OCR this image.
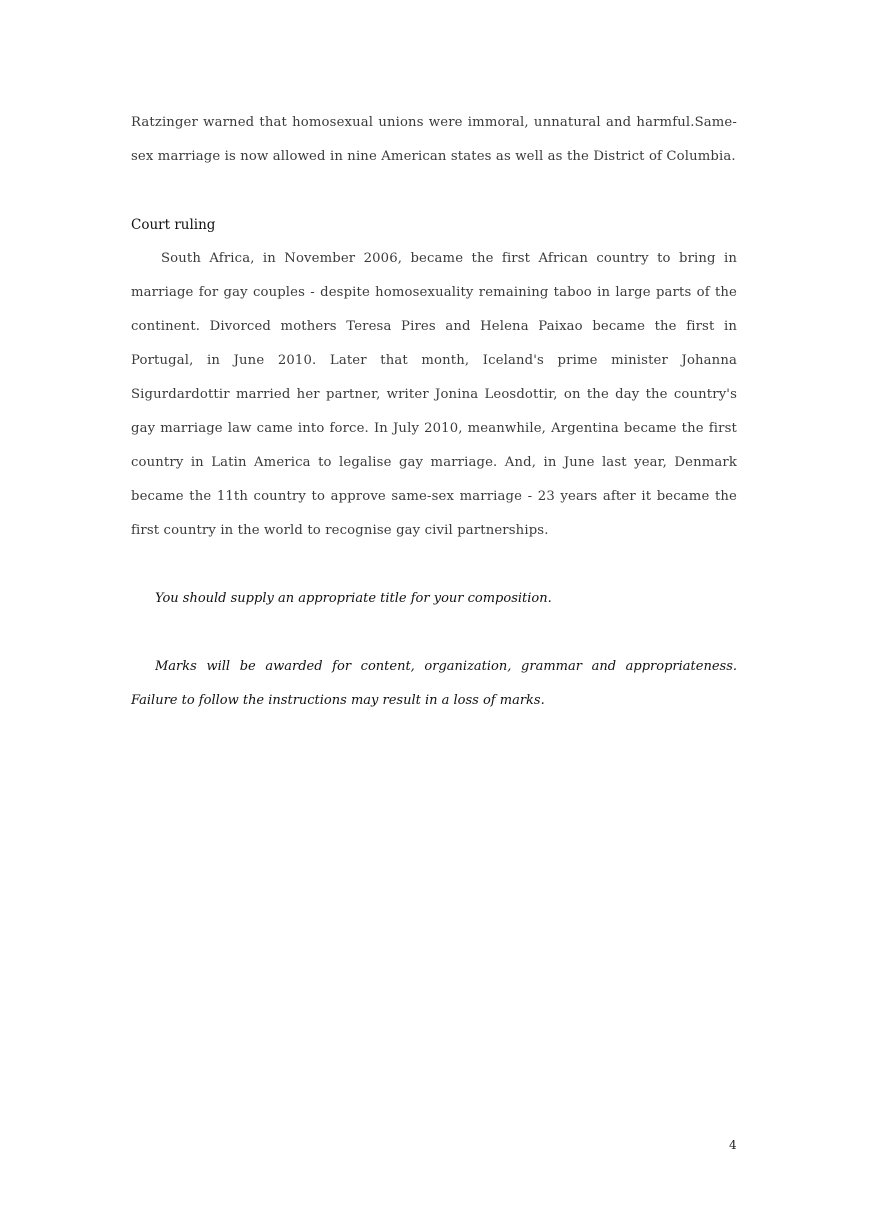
Ratzinger warned that homosexual unions were immoral, unnatural and harmful.Same-sex marriage is now allowed in nine American states as well as the District of Columbia.

Court ruling

South Africa, in November 2006, became the first African country to bring in marriage for gay couples - despite homosexuality remaining taboo in large parts of the continent. Divorced mothers Teresa Pires and Helena Paixao became the first in Portugal, in June 2010. Later that month, Iceland's prime minister Johanna Sigurdardottir married her partner, writer Jonina Leosdottir, on the day the country's gay marriage law came into force. In July 2010, meanwhile, Argentina became the first country in Latin America to legalise gay marriage. And, in June last year, Denmark became the 11th country to approve same-sex marriage - 23 years after it became the first country in the world to recognise gay civil partnerships.

You should supply an appropriate title for your composition.

Marks will be awarded for content, organization, grammar and appropriateness. Failure to follow the instructions may result in a loss of marks.

4
